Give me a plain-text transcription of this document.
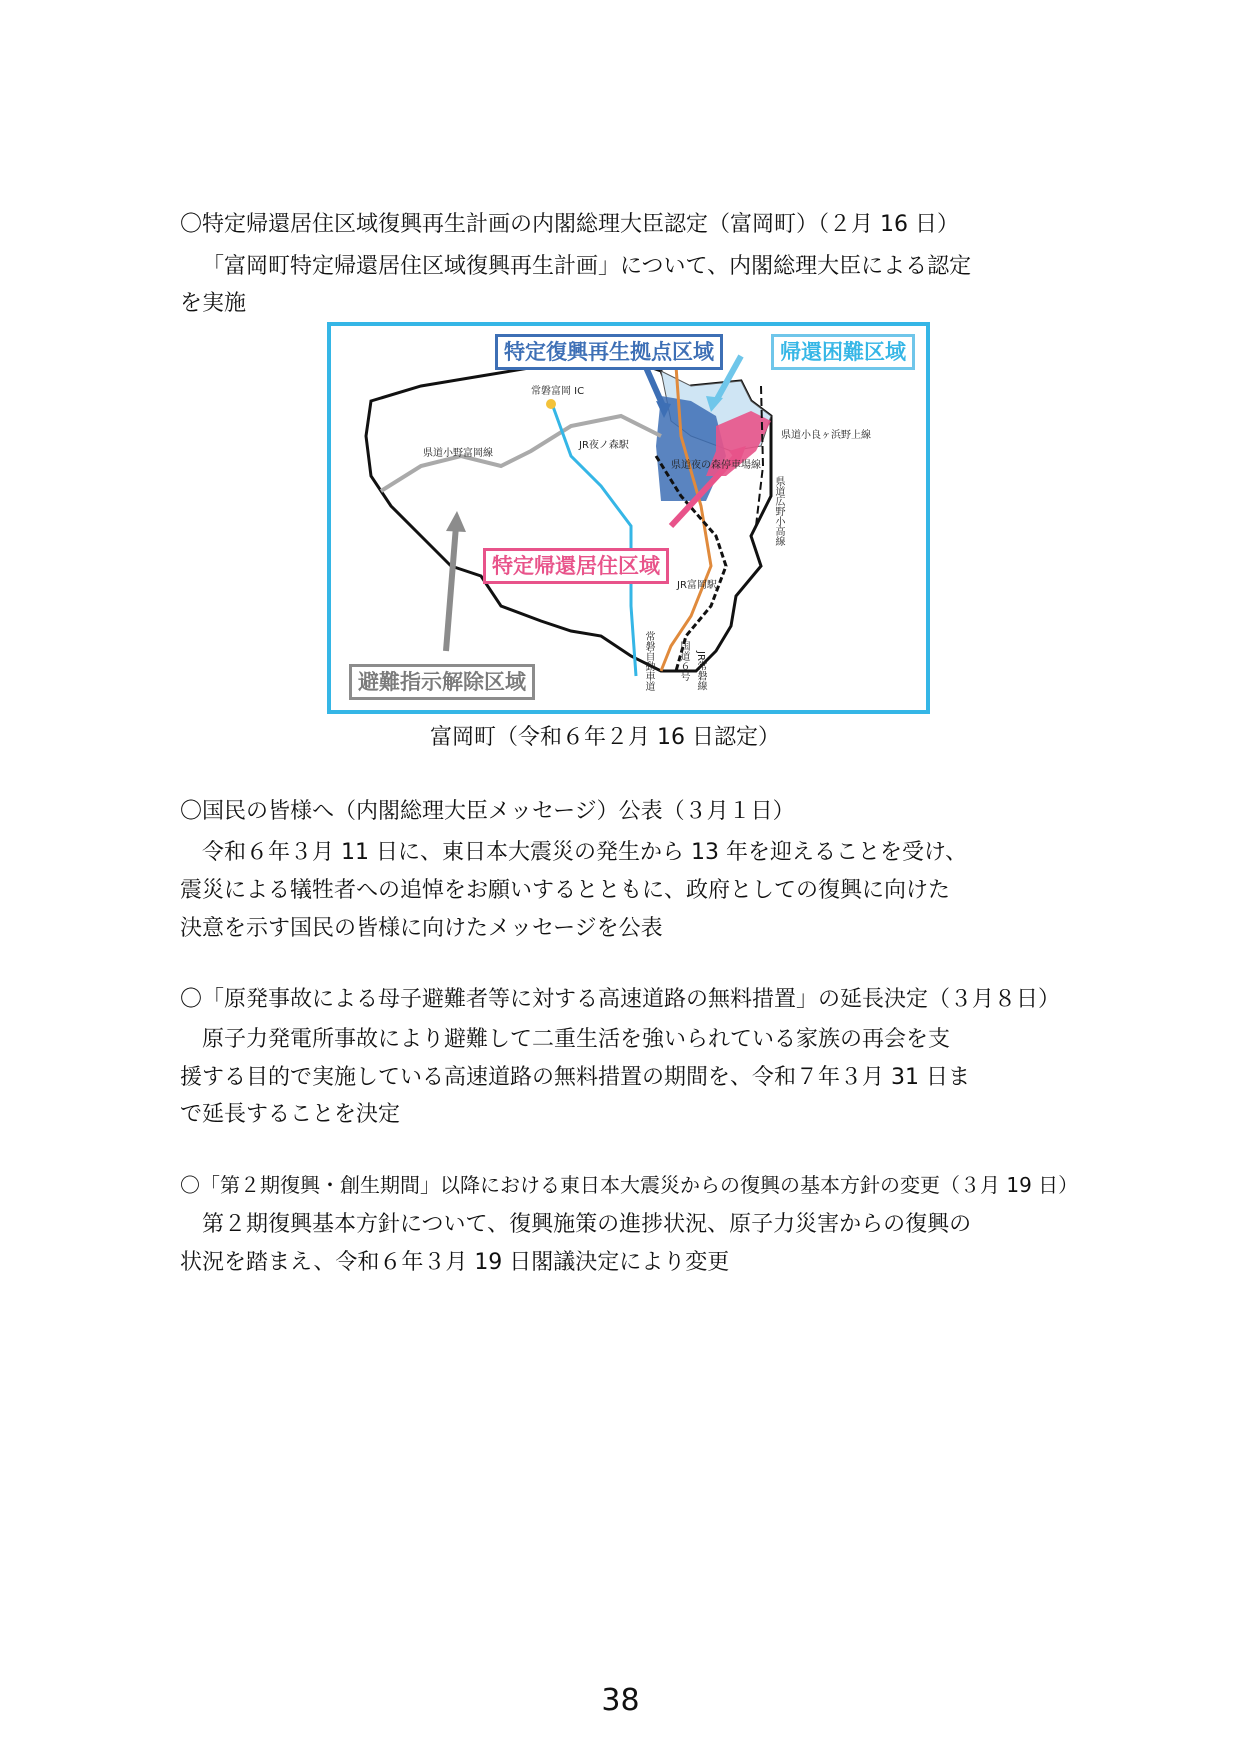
〇特定帰還居住区域復興再生計画の内閣総理大臣認定（富岡町）（２月 16 日）
「富岡町特定帰還居住区域復興再生計画」について、内閣総理大臣による認定
を実施
特定復興再生拠点区域	帰還困難区域
特定帰還居住区域
避難指示解除区域
常磐富岡 IC
JR夜ノ森駅
JR富岡駅
県道小野富岡線
県道小良ヶ浜野上線
県道夜の森停車場線
県道広野小高線
常磐自動車道 国道６号 JR常磐線
富岡町（令和６年２月 16 日認定）
〇国民の皆様へ（内閣総理大臣メッセージ）公表（３月１日）
令和６年３月 11 日に、東日本大震災の発生から 13 年を迎えることを受け、
震災による犠牲者への追悼をお願いするとともに、政府としての復興に向けた
決意を示す国民の皆様に向けたメッセージを公表
〇「原発事故による母子避難者等に対する高速道路の無料措置」の延長決定（３月８日）
原子力発電所事故により避難して二重生活を強いられている家族の再会を支
援する目的で実施している高速道路の無料措置の期間を、令和７年３月 31 日ま
で延長することを決定
〇「第２期復興・創生期間」以降における東日本大震災からの復興の基本方針の変更（３月 19 日）
第２期復興基本方針について、復興施策の進捗状況、原子力災害からの復興の
状況を踏まえ、令和６年３月 19 日閣議決定により変更
38
